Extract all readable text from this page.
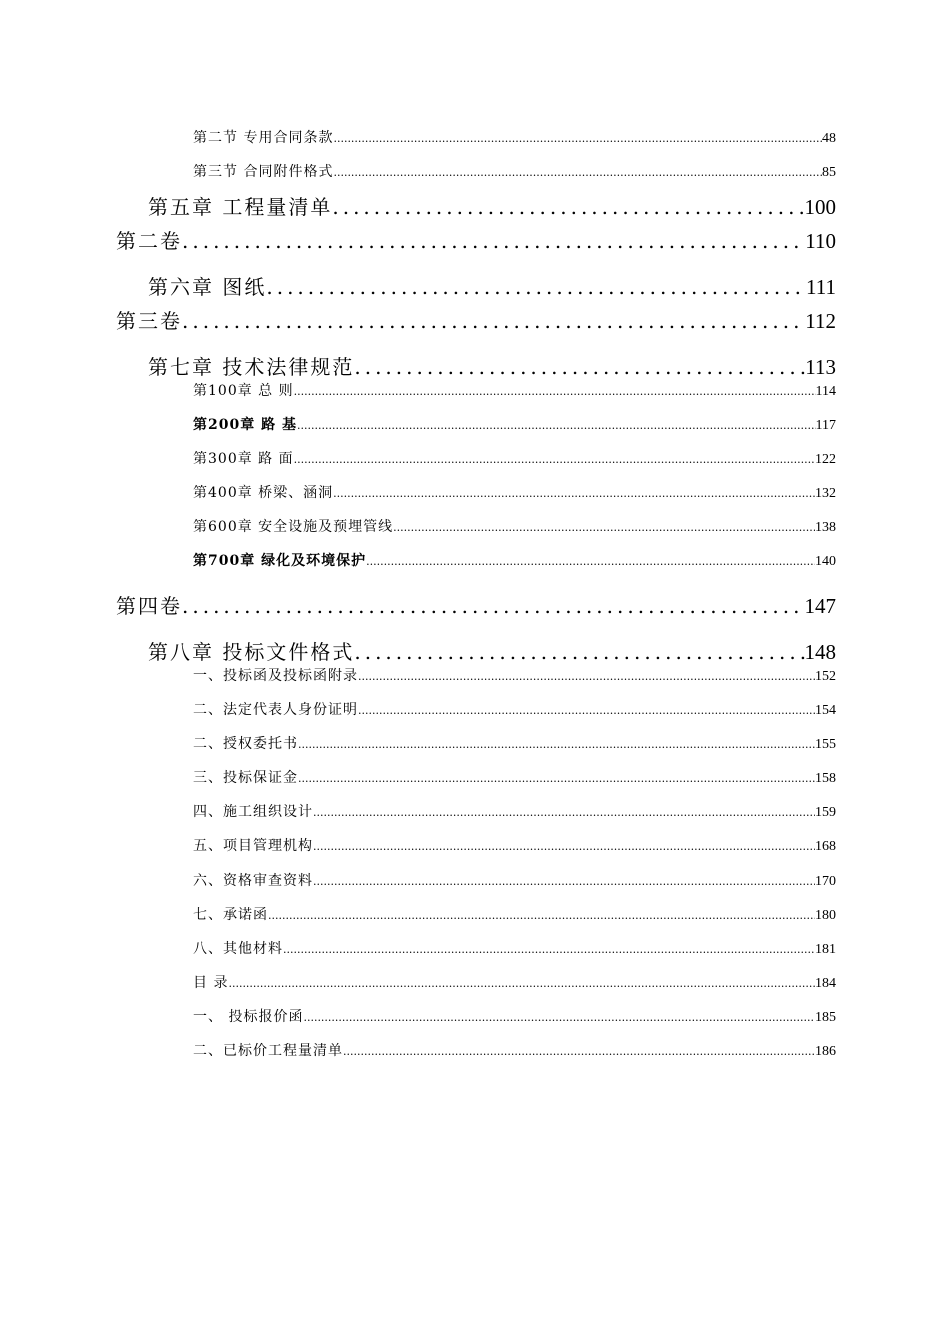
第二节 专用合同条款 .....	48
第三节 合同附件格式 .....	85
第五章 工程量清单 .....	100
第二卷 .....	110
第六章 图纸 .....	111
第三卷 .....	112
第七章 技术法律规范 .....	113
第100章 总 则 .....	114
第200章 路 基 .....	117
第300章 路 面 .....	122
第400章 桥梁、涵洞 .....	132
第600章 安全设施及预埋管线 .....	138
第700章 绿化及环境保护 .....	140
第四卷 .....	147
第八章 投标文件格式 .....	148
一、投标函及投标函附录 .....	152
二、法定代表人身份证明 .....	154
二、授权委托书 .....	155
三、投标保证金 .....	158
四、施工组织设计 .....	159
五、项目管理机构 .....	168
六、资格审查资料 .....	170
七、承诺函 .....	180
八、其他材料 .....	181
目 录 .....	184
一、 投标报价函 .....	185
二、已标价工程量清单 .....	186
